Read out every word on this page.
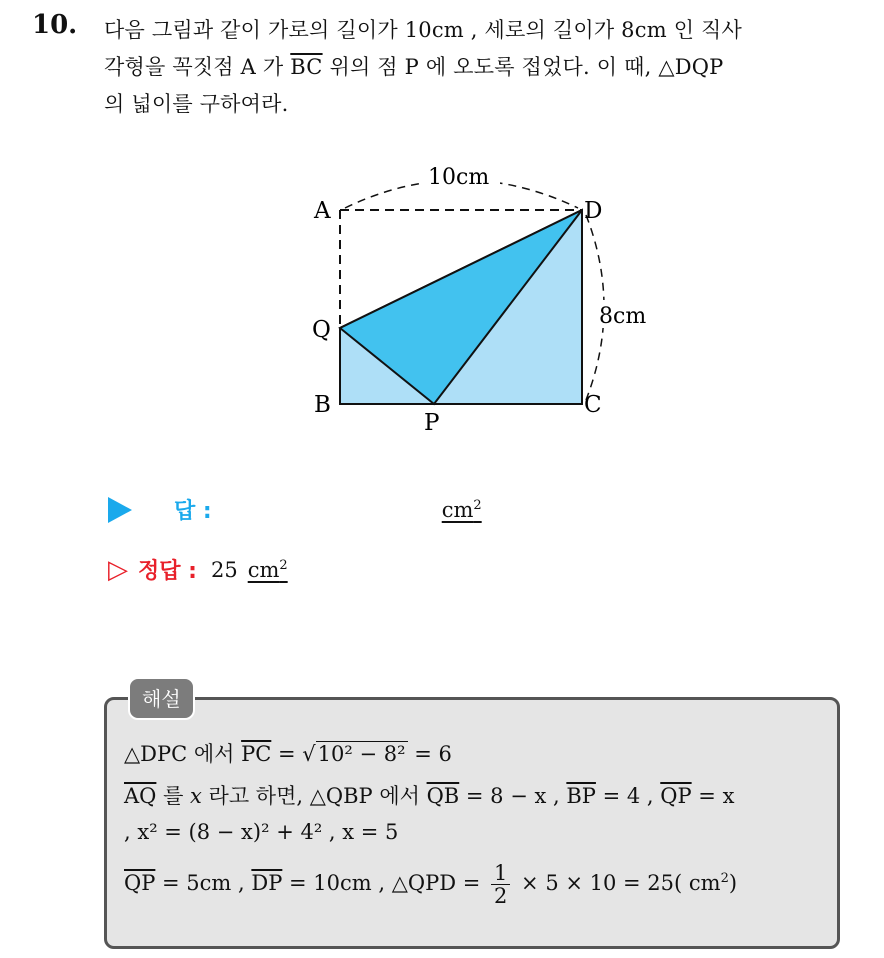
10. 다음 그림과 같이 가로의 길이가 10cm , 세로의 길이가 8cm 인 직사
각형을 꼭짓점 A 가 $\overline{BC}$ 위의 점 P 에 오도록 접었다. 이 때, △DQP
의 넓이를 구하여라.
10cm
8cm
A	D
Q
B	C
P
답 :	$cm^2$
▷ 정답 : 25 $cm^2$
해설
△DPC 에서 $\overline{PC} = √10^2 - 8^2 = 6$
$\overline{AQ}$ 를 x 라고 하면, △QBP 에서 $\overline{QB} = 8 - x$ , $\overline{BP} = 4$ , $\overline{QP} = x$
, x² = (8 − x)² + 4² , x = 5
$\overline{QP} = 5cm$ , $\overline{DP} = 10cm$ , △QPD = $\frac{1}{2} \times 5 \times 10 = 25$( $cm^2$)
